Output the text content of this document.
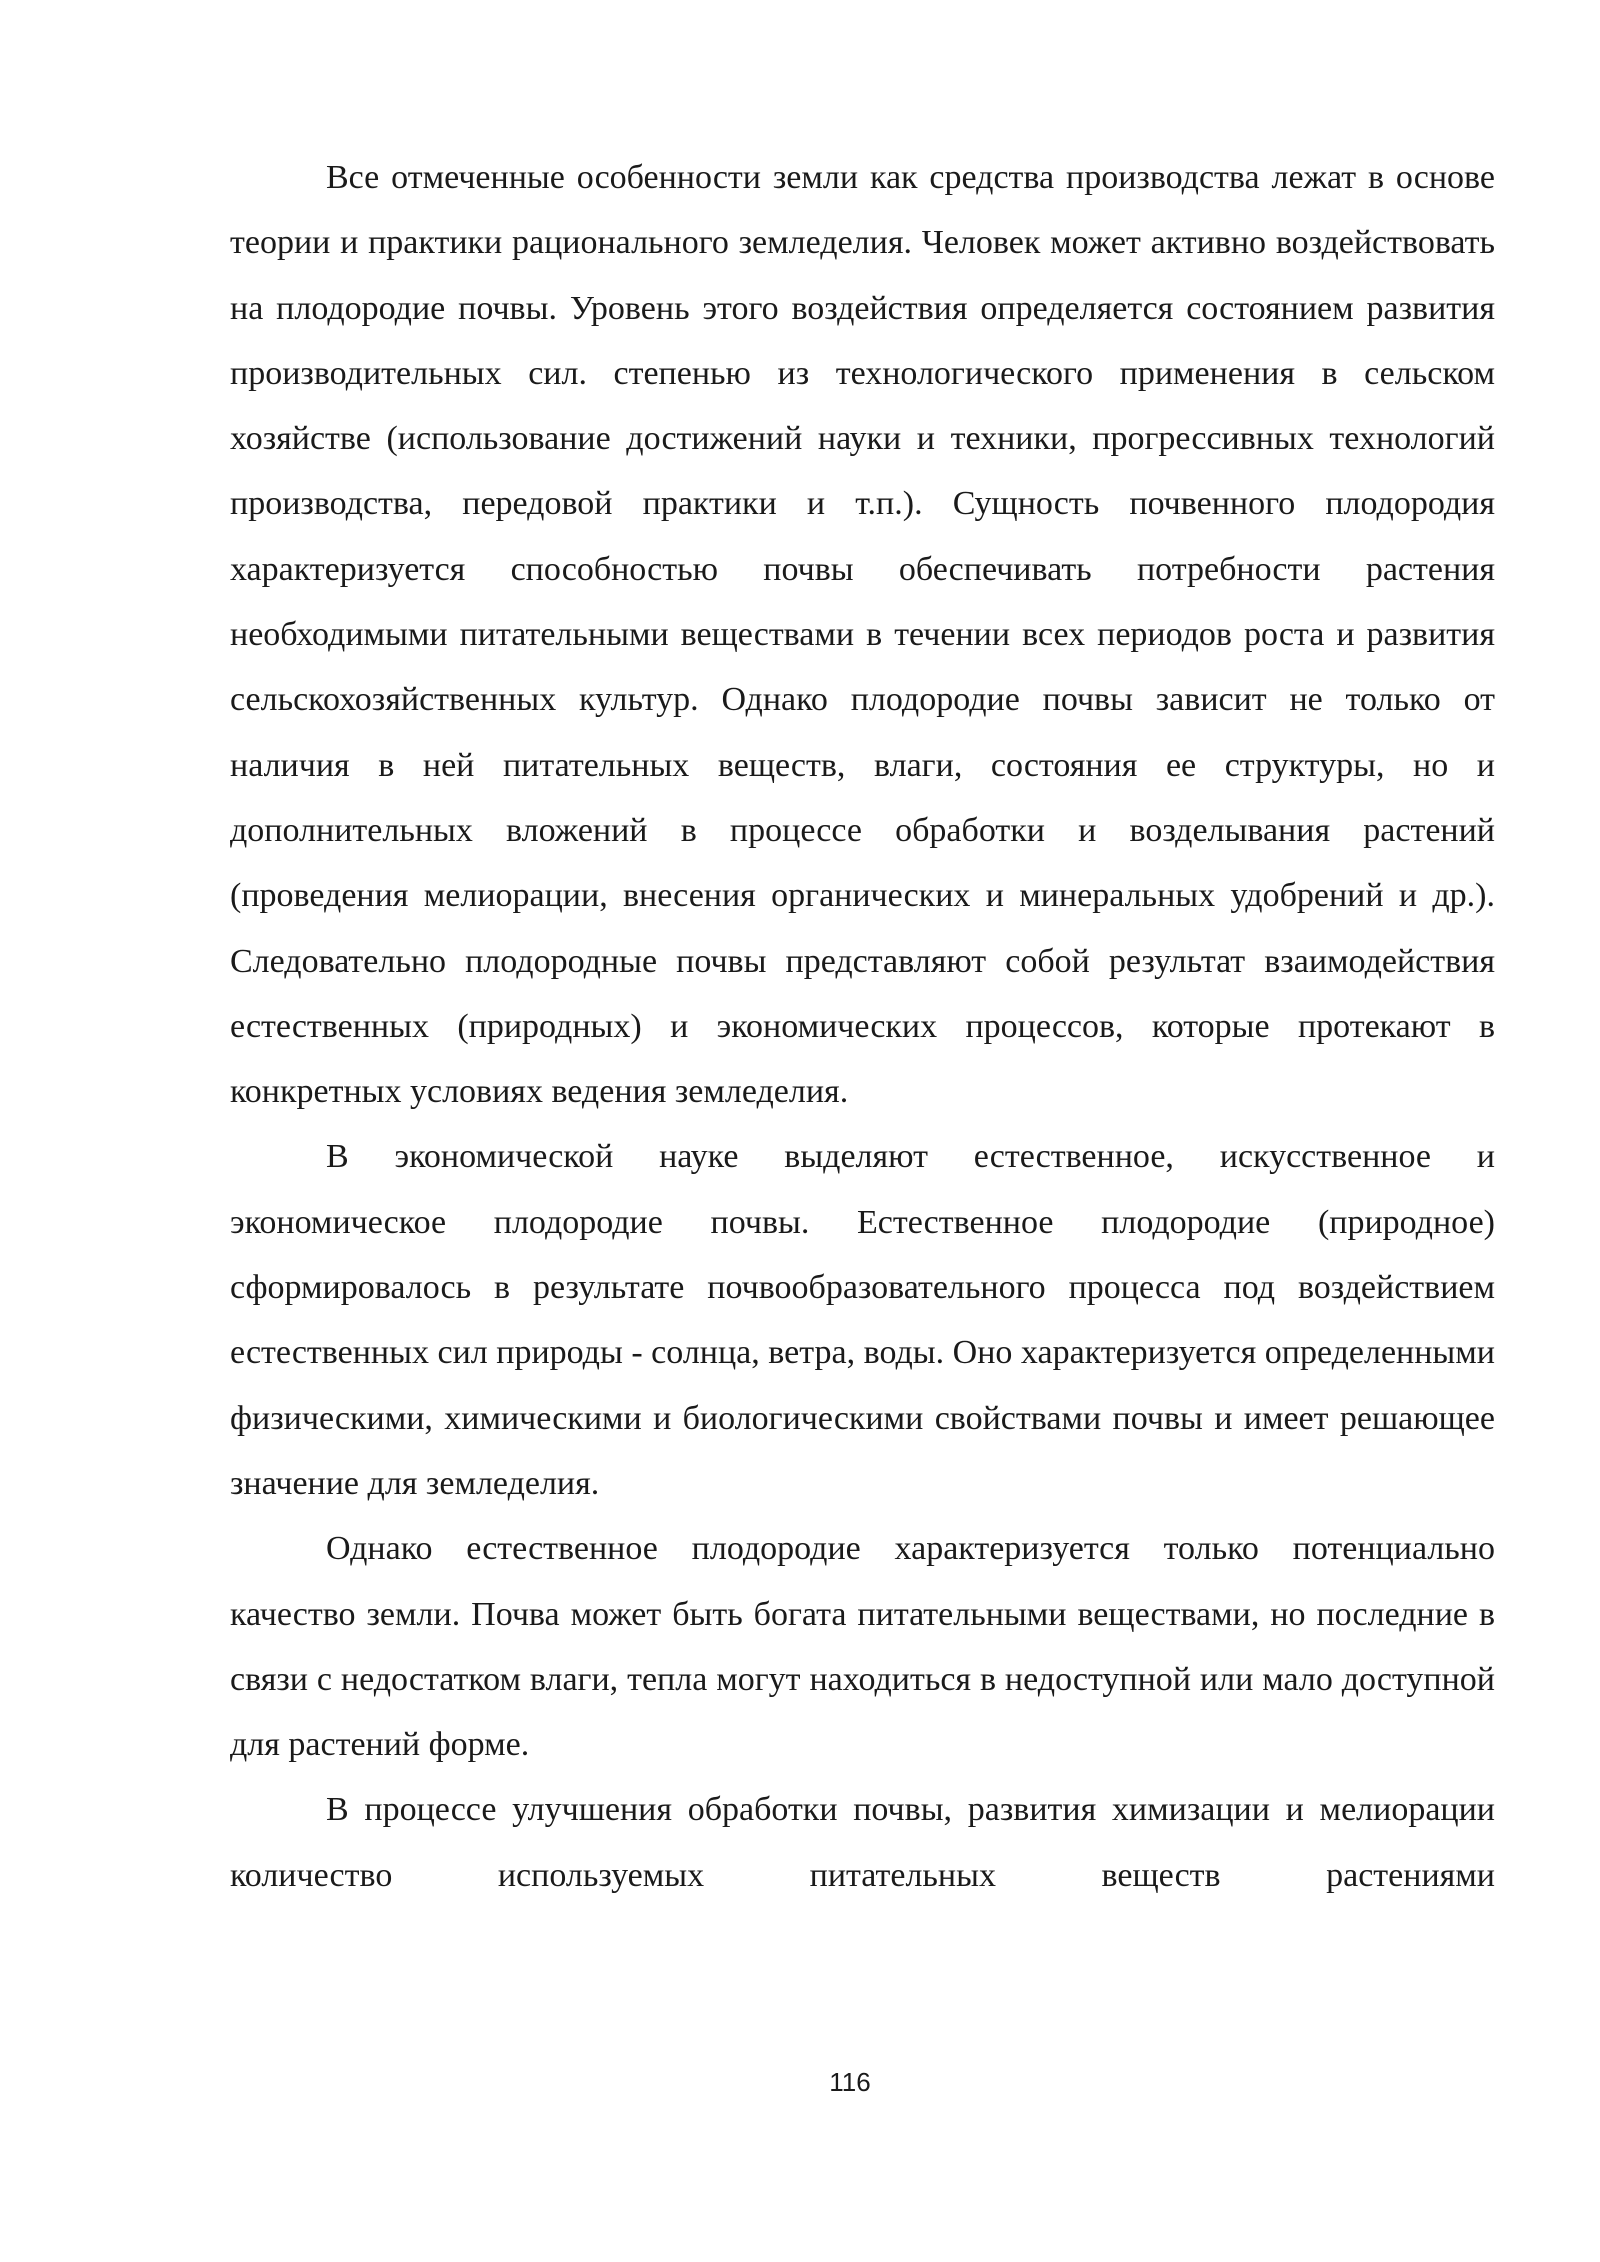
Все отмеченные особенности земли как средства производства лежат в основе теории и практики рационального земледелия. Человек может активно воздействовать на плодородие почвы. Уровень этого воздействия определяется состоянием развития производительных сил. степенью из технологического применения в сельском хозяйстве (использование достижений науки и техники, прогрессивных технологий производства, передовой практики и т.п.). Сущность почвенного плодородия характеризуется способностью почвы обеспечивать потребности растения необходимыми питательными веществами в течении всех периодов роста и развития сельскохозяйственных культур. Однако плодородие почвы зависит не только от наличия в ней питательных веществ, влаги, состояния ее структуры, но и дополнительных вложений в процессе обработки и возделывания растений (проведения мелиорации, внесения органических и минеральных удобрений и др.). Следовательно плодородные почвы представляют собой результат взаимодействия естественных (природных) и экономических процессов, которые протекают в конкретных условиях ведения земледелия.

В экономической науке выделяют естественное, искусственное и экономическое плодородие почвы. Естественное плодородие (природное) сформировалось в результате почвообразовательного процесса под воздействием естественных сил природы - солнца, ветра, воды. Оно характеризуется определенными физическими, химическими и биологическими свойствами почвы и имеет решающее значение для земледелия.

Однако естественное плодородие характеризуется только потенциально качество земли. Почва может быть богата питательными веществами, но последние в связи с недостатком влаги, тепла могут находиться в недоступной или мало доступной для растений форме.

В процессе улучшения обработки почвы, развития химизации и мелиорации количество используемых питательных веществ растениями

116
